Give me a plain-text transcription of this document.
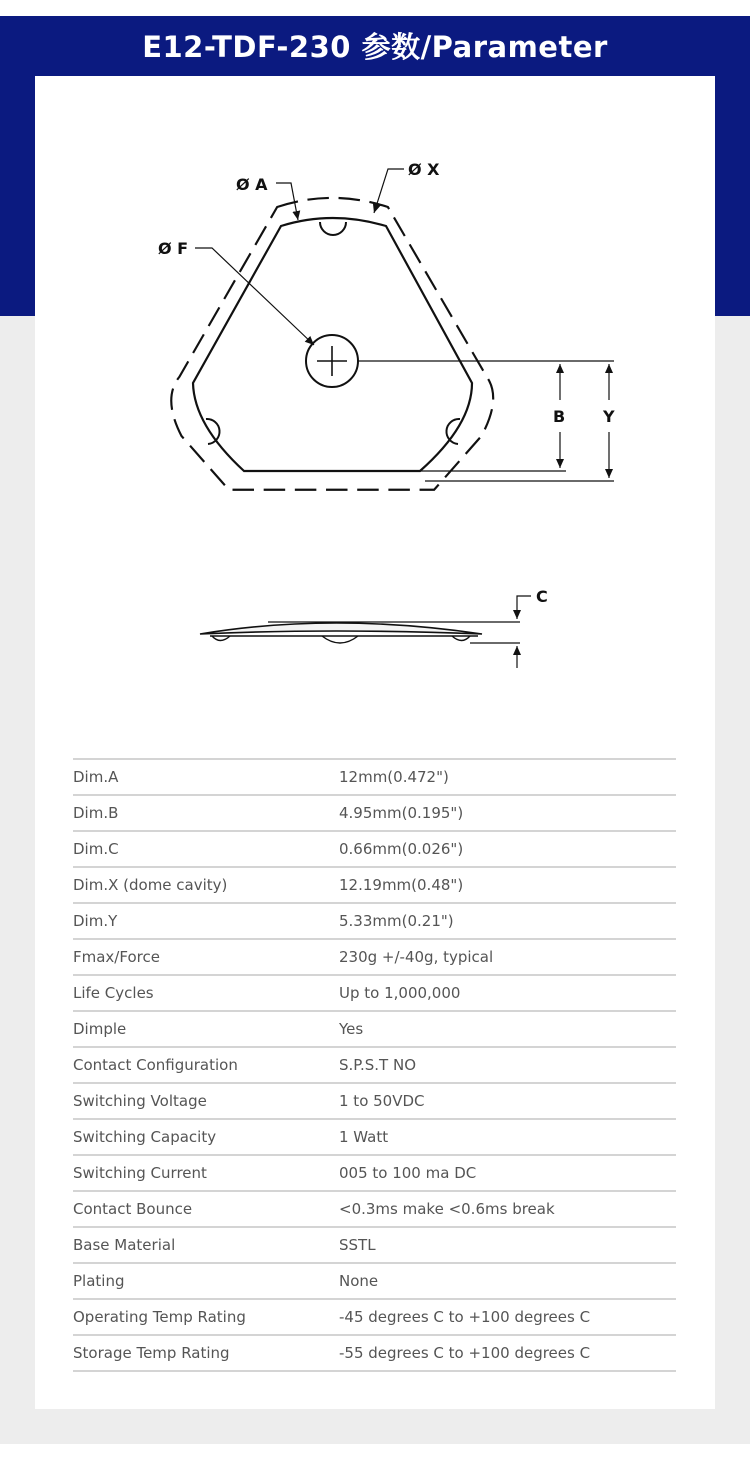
E12-TDF-230 参数/Parameter
Ø A
Ø X
Ø F
B Y
C
Dim.A	12mm(0.472")
Dim.B	4.95mm(0.195")
Dim.C	0.66mm(0.026")
Dim.X (dome cavity)	12.19mm(0.48")
Dim.Y	5.33mm(0.21")
Fmax/Force	230g +/-40g, typical
Life Cycles	Up to 1,000,000
Dimple	Yes
Contact Configuration	S.P.S.T NO
Switching Voltage	1 to 50VDC
Switching Capacity	1 Watt
Switching Current	005 to 100 ma DC
Contact Bounce	<0.3ms make <0.6ms break
Base Material	SSTL
Plating	None
Operating Temp Rating	-45 degrees C to +100 degrees C
Storage Temp Rating	-55 degrees C to +100 degrees C
